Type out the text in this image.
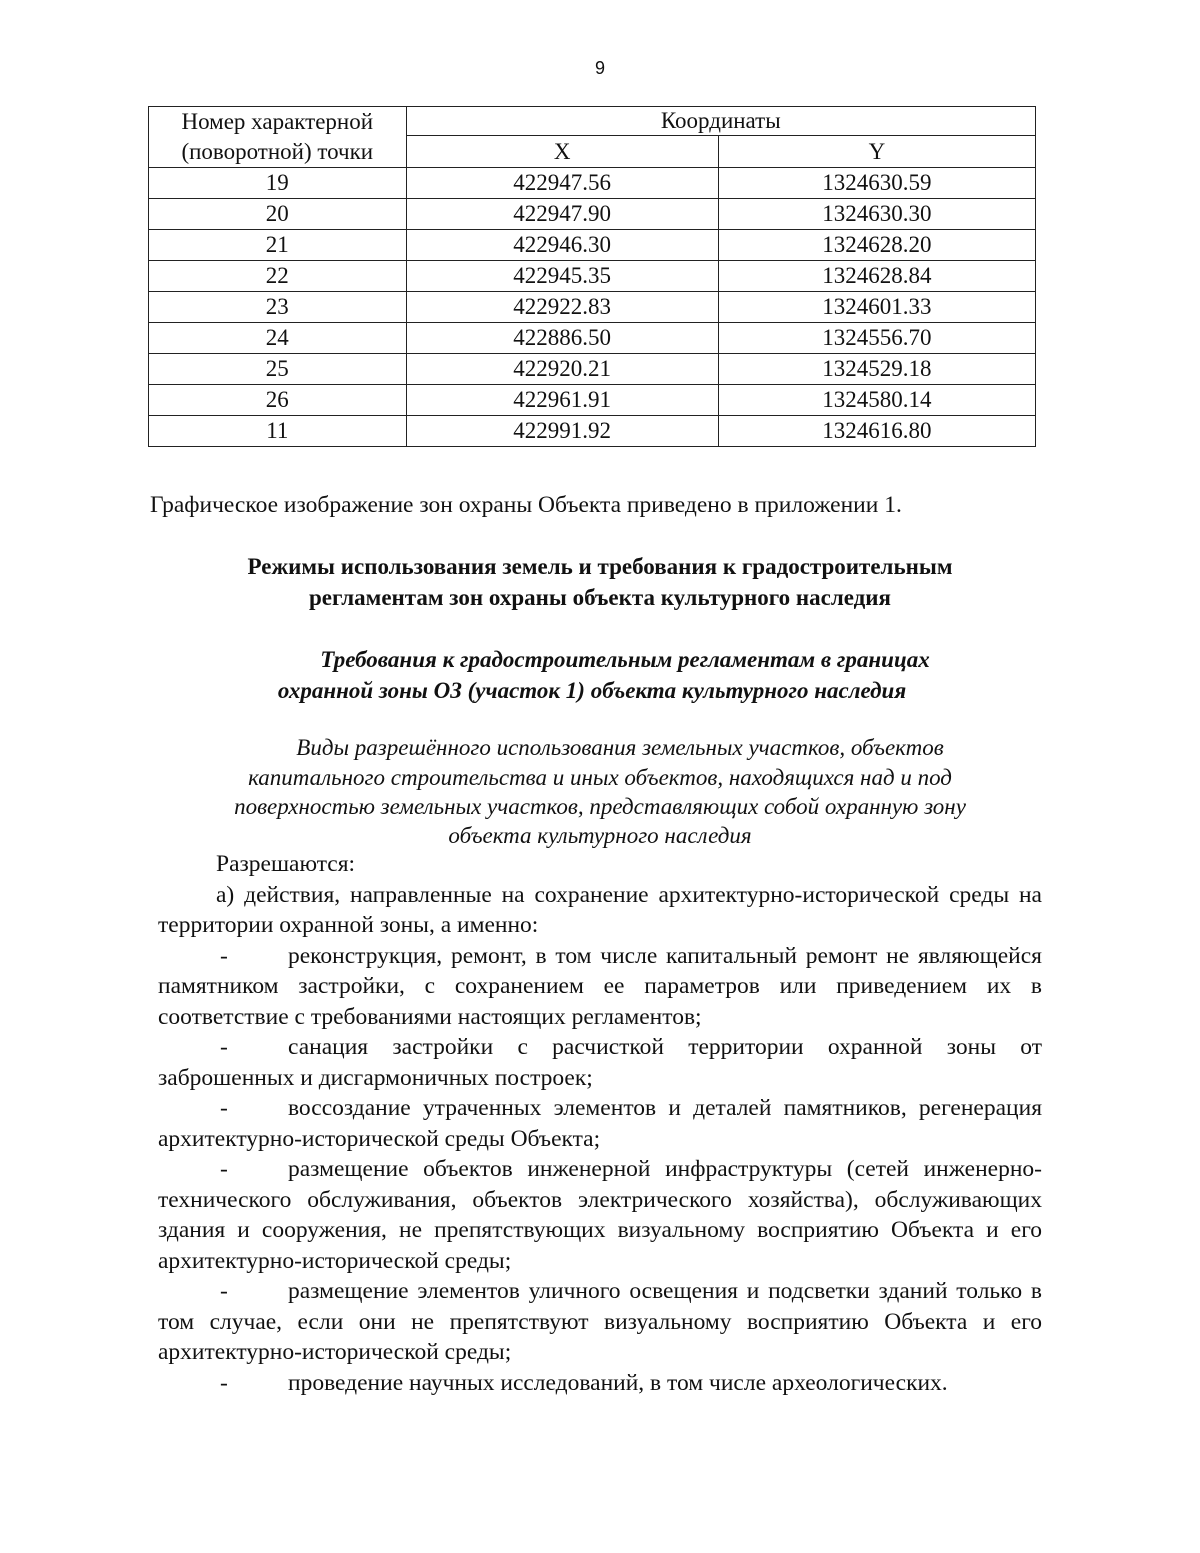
9
Номер характерной
(поворотной) точки	Координаты	
	X	Y
19	422947.56	1324630.59
20	422947.90	1324630.30
21	422946.30	1324628.20
22	422945.35	1324628.84
23	422922.83	1324601.33
24	422886.50	1324556.70
25	422920.21	1324529.18
26	422961.91	1324580.14
11	422991.92	1324616.80
Графическое изображение зон охраны Объекта приведено в приложении 1.
Режимы использования земель и требования к градостроительным
регламентам зон охраны объекта культурного наследия
Требования к градостроительным регламентам в границах
охранной зоны ОЗ (участок 1) объекта культурного наследия
Виды разрешённого использования земельных участков, объектов
капитального строительства и иных объектов, находящихся над и под
поверхностью земельных участков, представляющих собой охранную зону
объекта культурного наследия

Разрешаются:

а) действия, направленные на сохранение архитектурно-исторической среды на территории охранной зоны, а именно:

-	реконструкция, ремонт, в том числе капитальный ремонт не являющейся памятником застройки, с сохранением ее параметров или приведением их в соответствие с требованиями настоящих регламентов;

-	санация застройки с расчисткой территории охранной зоны от заброшенных и дисгармоничных построек;

-	воссоздание утраченных элементов и деталей памятников, регенерация архитектурно-исторической среды Объекта;

-	размещение объектов инженерной инфраструктуры (сетей инженерно- технического обслуживания, объектов электрического хозяйства), обслуживающих здания и сооружения, не препятствующих визуальному восприятию Объекта и его архитектурно-исторической среды;

-	размещение элементов уличного освещения и подсветки зданий только в том случае, если они не препятствуют визуальному восприятию Объекта и его архитектурно-исторической среды;

-	проведение научных исследований, в том числе археологических.
